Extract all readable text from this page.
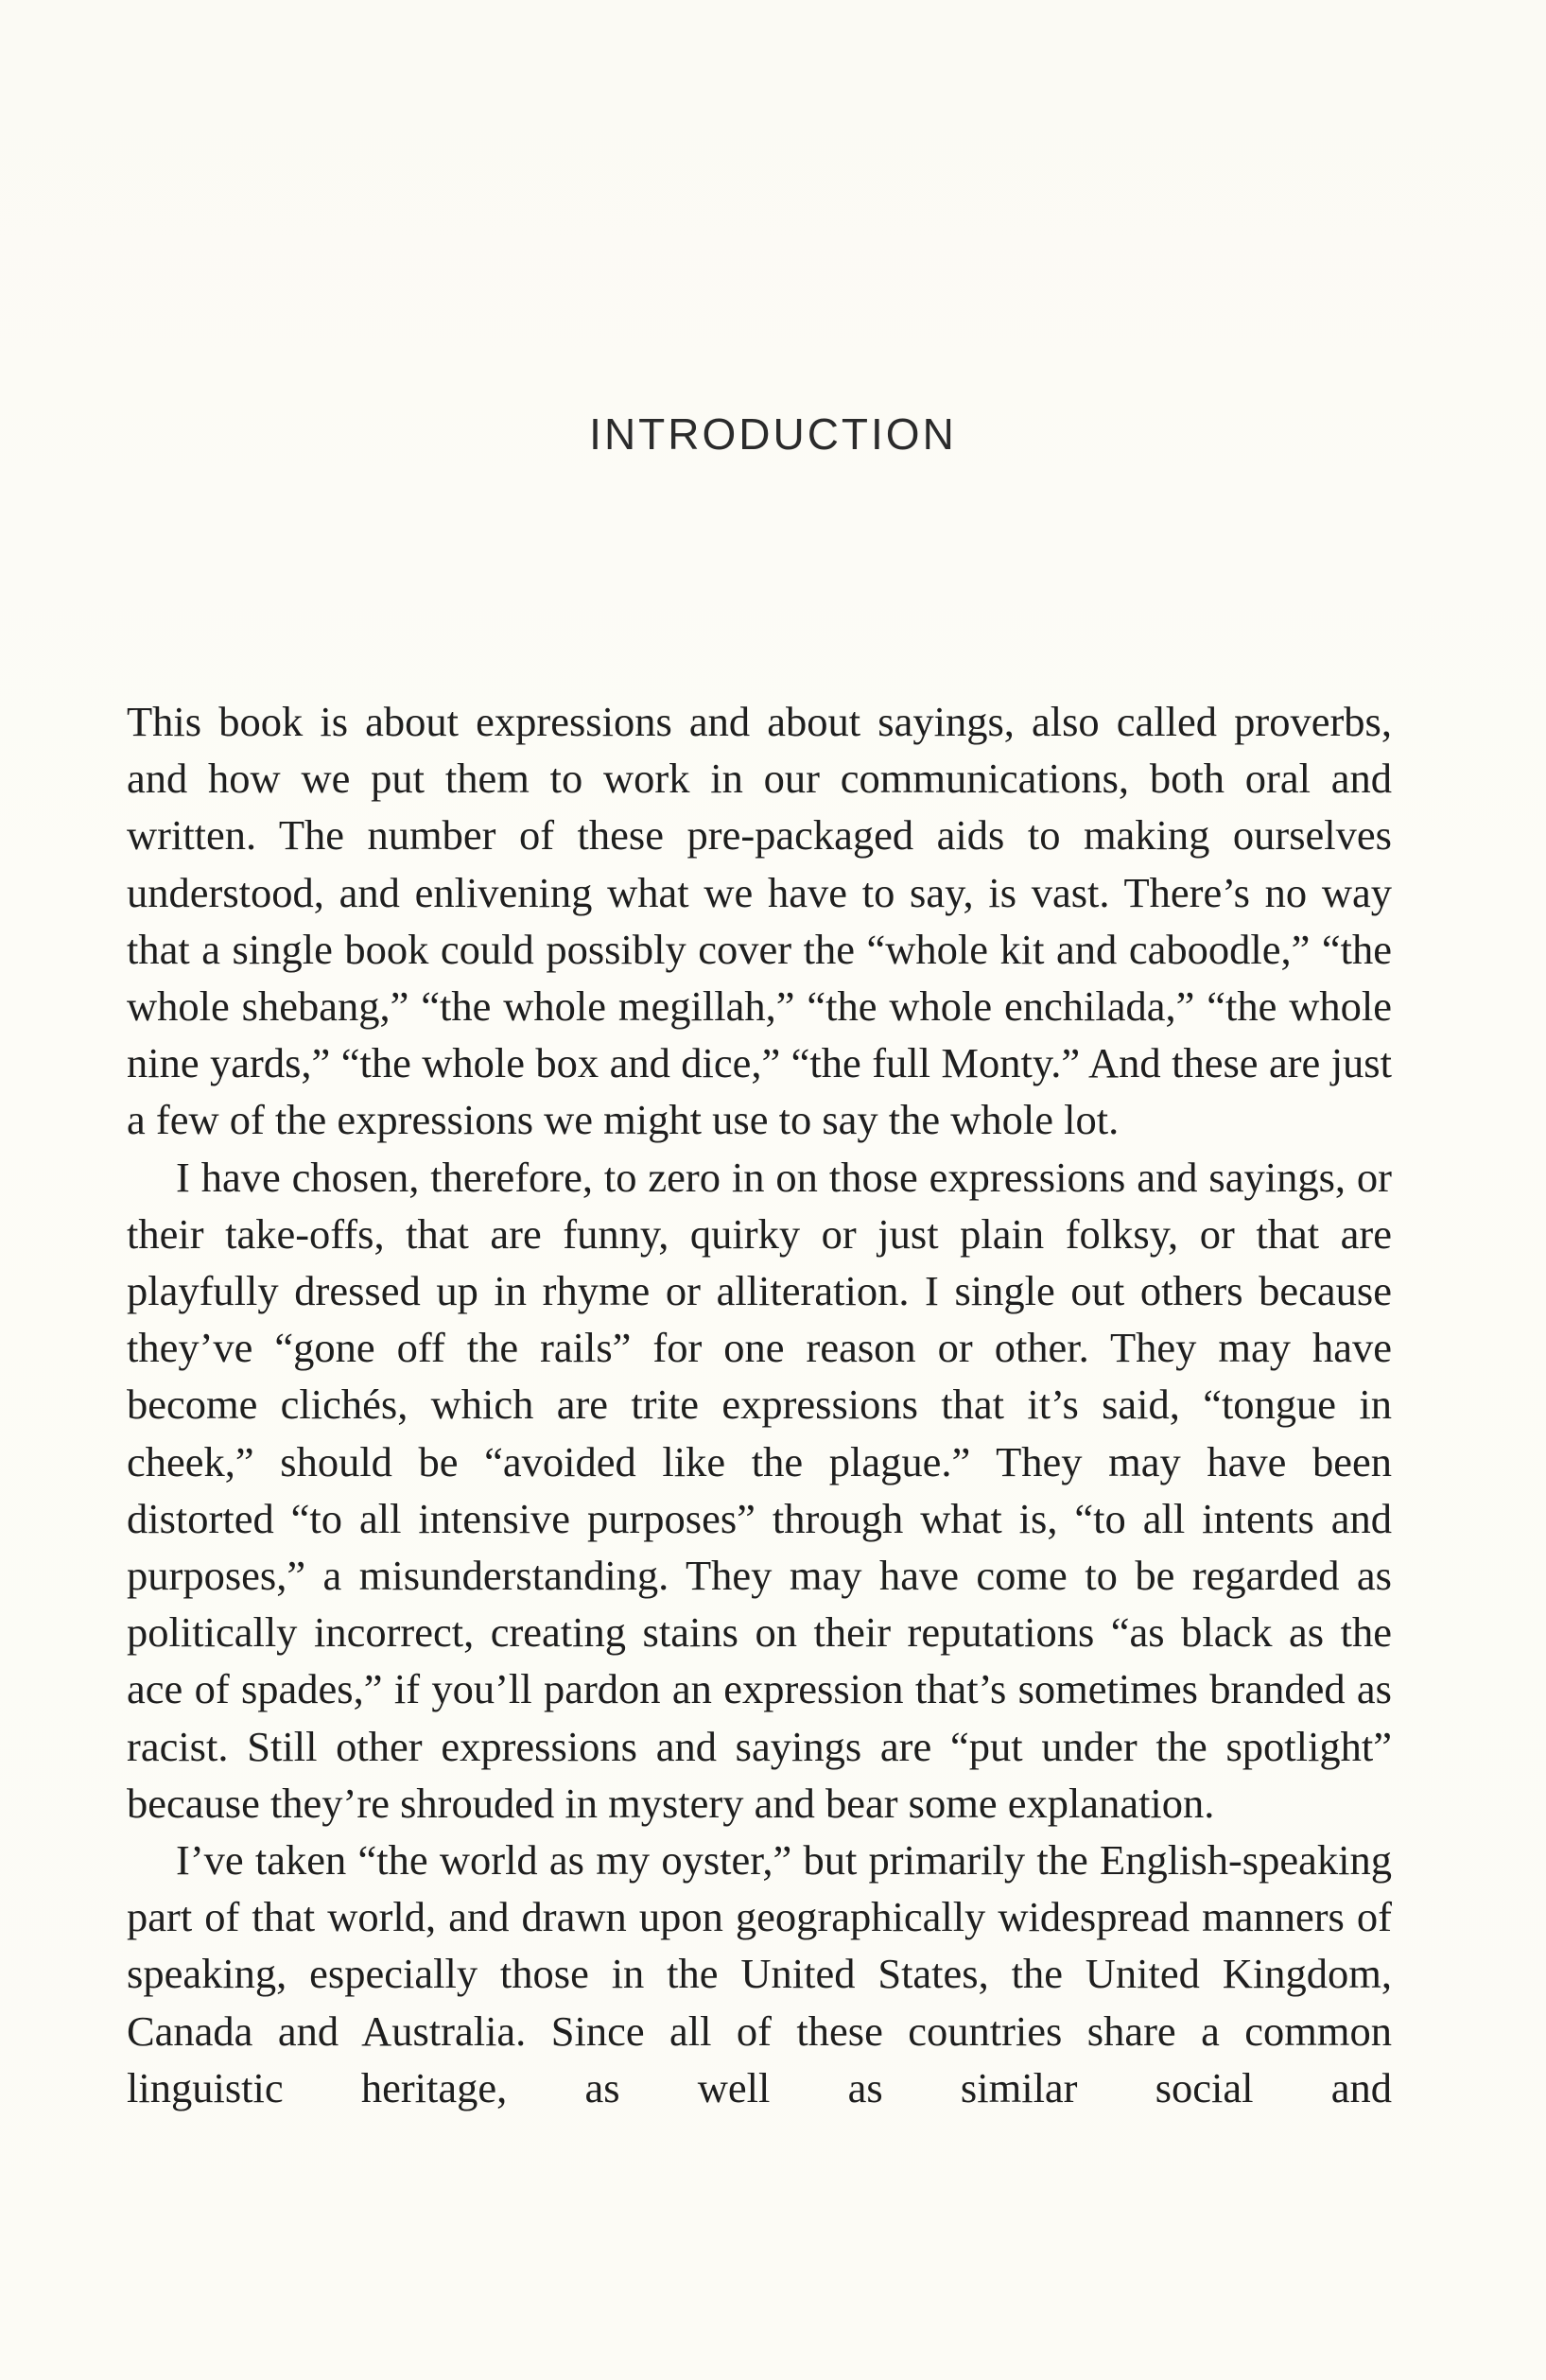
INTRODUCTION

This book is about expressions and about sayings, also called proverbs, and how we put them to work in our communications, both oral and written. The number of these pre-packaged aids to making ourselves understood, and enlivening what we have to say, is vast. There’s no way that a single book could possibly cover the “whole kit and caboodle,” “the whole shebang,” “the whole megillah,” “the whole enchilada,” “the whole nine yards,” “the whole box and dice,” “the full Monty.” And these are just a few of the expressions we might use to say the whole lot.

I have chosen, therefore, to zero in on those expressions and sayings, or their take-offs, that are funny, quirky or just plain folksy, or that are playfully dressed up in rhyme or alliteration. I single out others because they’ve “gone off the rails” for one reason or other. They may have become clichés, which are trite expressions that it’s said, “tongue in cheek,” should be “avoided like the plague.” They may have been distorted “to all intensive purposes” through what is, “to all intents and purposes,” a misunderstanding. They may have come to be regarded as politically incorrect, creating stains on their reputations “as black as the ace of spades,” if you’ll pardon an expression that’s sometimes branded as racist. Still other expressions and sayings are “put under the spotlight” because they’re shrouded in mystery and bear some explanation.

I’ve taken “the world as my oyster,” but primarily the English-speaking part of that world, and drawn upon geographically widespread manners of speaking, especially those in the United States, the United Kingdom, Canada and Australia. Since all of these countries share a common linguistic heritage, as well as similar social and
